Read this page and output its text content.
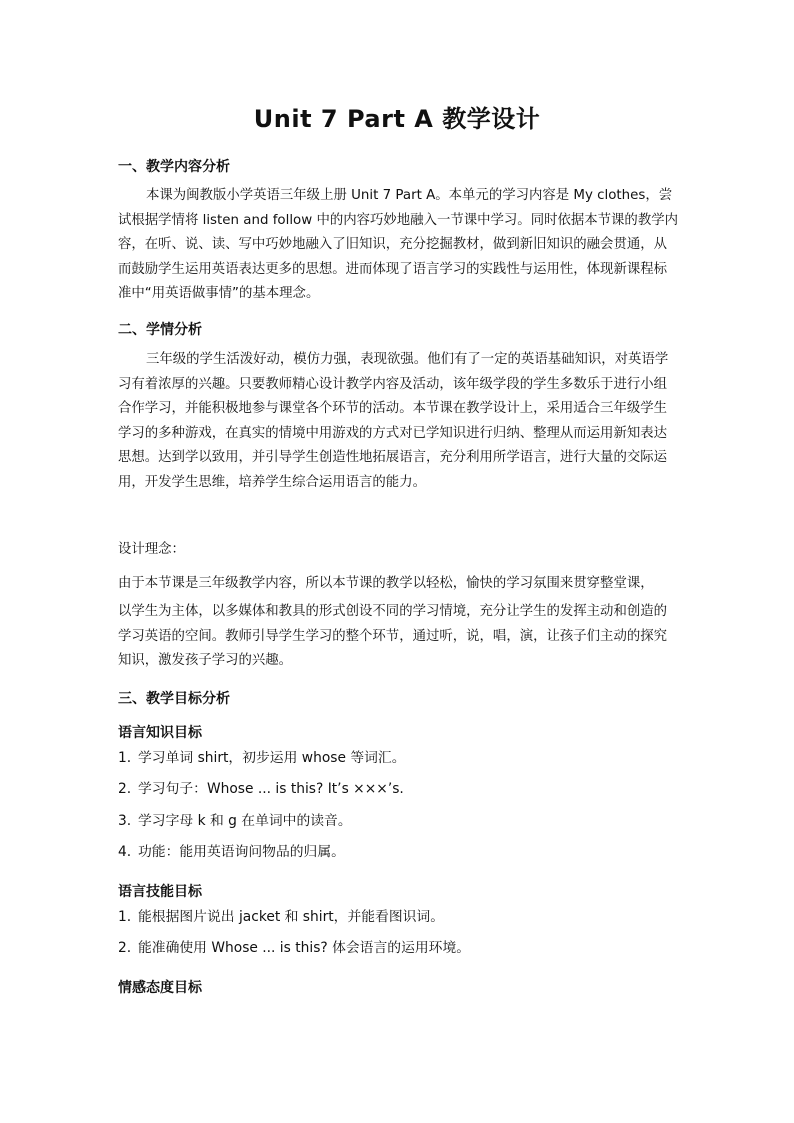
Unit 7 Part A 教学设计
一、教学内容分析
本课为闽教版小学英语三年级上册 Unit 7 Part A。本单元的学习内容是 My clothes，尝试根据学情将 listen and follow 中的内容巧妙地融入一节课中学习。同时依据本节课的教学内容，在听、说、读、写中巧妙地融入了旧知识，充分挖掘教材，做到新旧知识的融会贯通，从而鼓励学生运用英语表达更多的思想。进而体现了语言学习的实践性与运用性，体现新课程标准中“用英语做事情”的基本理念。
二、学情分析
三年级的学生活泼好动，模仿力强，表现欲强。他们有了一定的英语基础知识，对英语学习有着浓厚的兴趣。只要教师精心设计教学内容及活动，该年级学段的学生多数乐于进行小组合作学习，并能积极地参与课堂各个环节的活动。本节课在教学设计上，采用适合三年级学生学习的多种游戏，在真实的情境中用游戏的方式对已学知识进行归纳、整理从而运用新知表达思想。达到学以致用，并引导学生创造性地拓展语言，充分利用所学语言，进行大量的交际运用，开发学生思维，培养学生综合运用语言的能力。
设计理念：
由于本节课是三年级教学内容，所以本节课的教学以轻松，愉快的学习氛围来贯穿整堂课，
以学生为主体，以多媒体和教具的形式创设不同的学习情境，充分让学生的发挥主动和创造的学习英语的空间。教师引导学生学习的整个环节，通过听，说，唱，演，让孩子们主动的探究知识，激发孩子学习的兴趣。
三、教学目标分析
语言知识目标
1. 学习单词 shirt，初步运用 whose 等词汇。
2. 学习句子：Whose ... is this? It’s ×××’s.
3. 学习字母 k 和 g 在单词中的读音。
4. 功能：能用英语询问物品的归属。
语言技能目标
1. 能根据图片说出 jacket 和 shirt，并能看图识词。
2. 能准确使用 Whose ... is this? 体会语言的运用环境。
情感态度目标
